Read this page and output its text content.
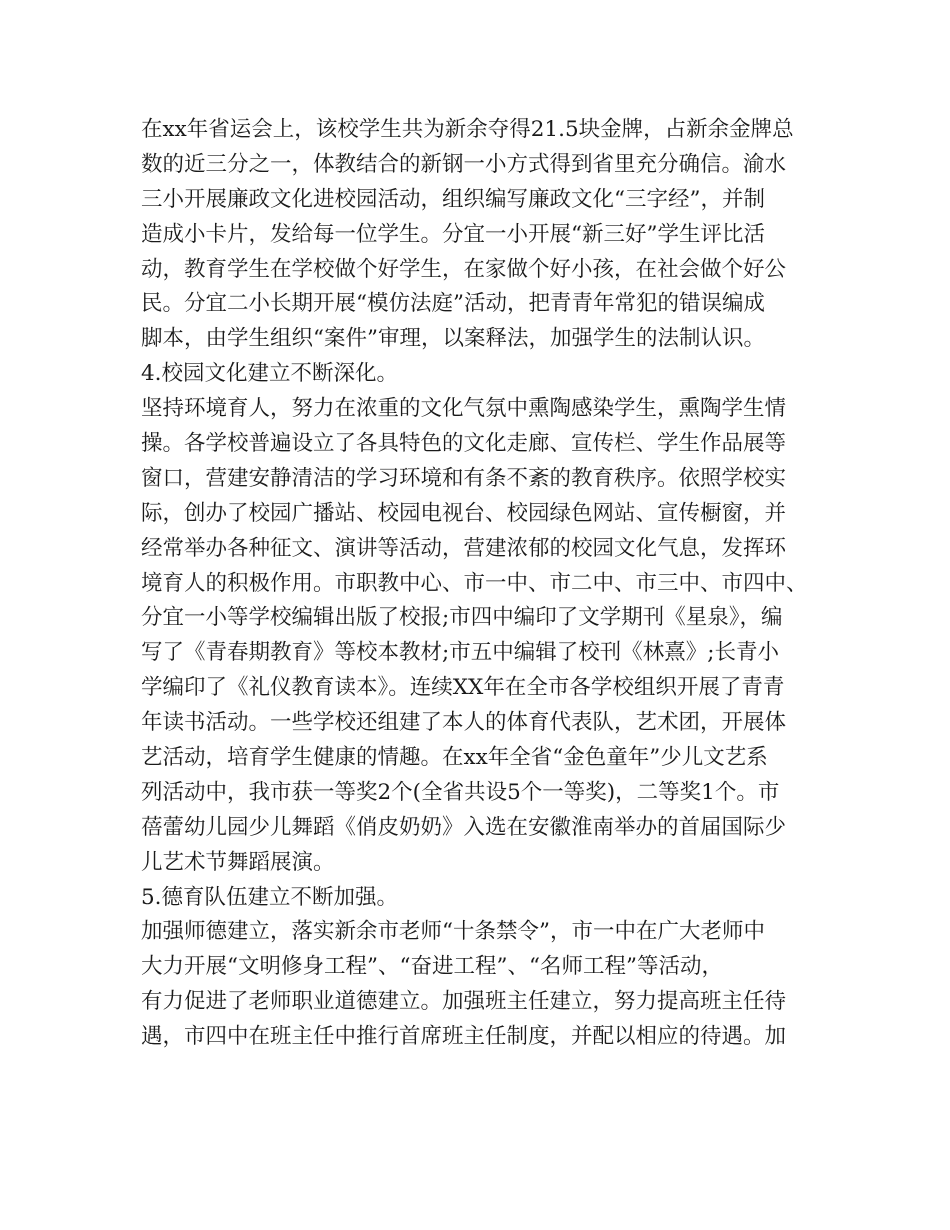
在xx年省运会上，该校学生共为新余夺得21.5块金牌，占新余金牌总
数的近三分之一，体教结合的新钢一小方式得到省里充分确信。渝水
三小开展廉政文化进校园活动，组织编写廉政文化“三字经”，并制
造成小卡片，发给每一位学生。分宜一小开展“新三好”学生评比活
动，教育学生在学校做个好学生，在家做个好小孩，在社会做个好公
民。分宜二小长期开展“模仿法庭”活动，把青青年常犯的错误编成
脚本，由学生组织“案件”审理，以案释法，加强学生的法制认识。
4.校园文化建立不断深化。
坚持环境育人，努力在浓重的文化气氛中熏陶感染学生，熏陶学生情
操。各学校普遍设立了各具特色的文化走廊、宣传栏、学生作品展等
窗口，营建安静清洁的学习环境和有条不紊的教育秩序。依照学校实
际，创办了校园广播站、校园电视台、校园绿色网站、宣传橱窗，并
经常举办各种征文、演讲等活动，营建浓郁的校园文化气息，发挥环
境育人的积极作用。市职教中心、市一中、市二中、市三中、市四中、
分宜一小等学校编辑出版了校报;市四中编印了文学期刊《星泉》，编
写了《青春期教育》等校本教材;市五中编辑了校刊《林熹》;长青小
学编印了《礼仪教育读本》。连续XX年在全市各学校组织开展了青青
年读书活动。一些学校还组建了本人的体育代表队，艺术团，开展体
艺活动，培育学生健康的情趣。在xx年全省“金色童年”少儿文艺系
列活动中，我市获一等奖2个(全省共设5个一等奖)，二等奖1个。市
蓓蕾幼儿园少儿舞蹈《俏皮奶奶》入选在安徽淮南举办的首届国际少
儿艺术节舞蹈展演。
5.德育队伍建立不断加强。
加强师德建立，落实新余市老师“十条禁令”，市一中在广大老师中
大力开展“文明修身工程”、“奋进工程”、“名师工程”等活动，
有力促进了老师职业道德建立。加强班主任建立，努力提高班主任待
遇，市四中在班主任中推行首席班主任制度，并配以相应的待遇。加
